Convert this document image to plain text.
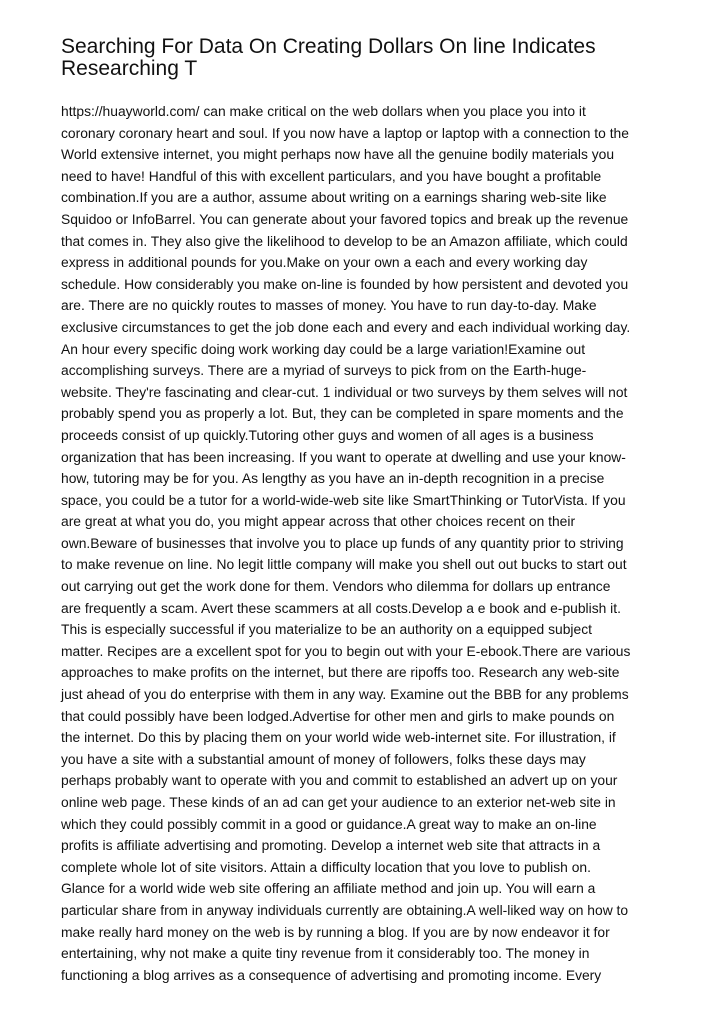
Searching For Data On Creating Dollars On line Indicates
Researching T
https://huayworld.com/ can make critical on the web dollars when you place you into it
coronary coronary heart and soul. If you now have a laptop or laptop with a connection to the
World extensive internet, you might perhaps now have all the genuine bodily materials you
need to have! Handful of this with excellent particulars, and you have bought a profitable
combination.If you are a author, assume about writing on a earnings sharing web-site like
Squidoo or InfoBarrel. You can generate about your favored topics and break up the revenue
that comes in. They also give the likelihood to develop to be an Amazon affiliate, which could
express in additional pounds for you.Make on your own a each and every working day
schedule. How considerably you make on-line is founded by how persistent and devoted you
are. There are no quickly routes to masses of money. You have to run day-to-day. Make
exclusive circumstances to get the job done each and every and each individual working day.
An hour every specific doing work working day could be a large variation!Examine out
accomplishing surveys. There are a myriad of surveys to pick from on the Earth-huge-
website. They're fascinating and clear-cut. 1 individual or two surveys by them selves will not
probably spend you as properly a lot. But, they can be completed in spare moments and the
proceeds consist of up quickly.Tutoring other guys and women of all ages is a business
organization that has been increasing. If you want to operate at dwelling and use your know-
how, tutoring may be for you. As lengthy as you have an in-depth recognition in a precise
space, you could be a tutor for a world-wide-web site like SmartThinking or TutorVista. If you
are great at what you do, you might appear across that other choices recent on their
own.Beware of businesses that involve you to place up funds of any quantity prior to striving
to make revenue on line. No legit little company will make you shell out out bucks to start out
out carrying out get the work done for them. Vendors who dilemma for dollars up entrance
are frequently a scam. Avert these scammers at all costs.Develop a e book and e-publish it.
This is especially successful if you materialize to be an authority on a equipped subject
matter. Recipes are a excellent spot for you to begin out with your E-ebook.There are various
approaches to make profits on the internet, but there are ripoffs too. Research any web-site
just ahead of you do enterprise with them in any way. Examine out the BBB for any problems
that could possibly have been lodged.Advertise for other men and girls to make pounds on
the internet. Do this by placing them on your world wide web-internet site. For illustration, if
you have a site with a substantial amount of money of followers, folks these days may
perhaps probably want to operate with you and commit to established an advert up on your
online web page. These kinds of an ad can get your audience to an exterior net-web site in
which they could possibly commit in a good or guidance.A great way to make an on-line
profits is affiliate advertising and promoting. Develop a internet web site that attracts in a
complete whole lot of site visitors. Attain a difficulty location that you love to publish on.
Glance for a world wide web site offering an affiliate method and join up. You will earn a
particular share from in anyway individuals currently are obtaining.A well-liked way on how to
make really hard money on the web is by running a blog. If you are by now endeavor it for
entertaining, why not make a quite tiny revenue from it considerably too. The money in
functioning a blog arrives as a consequence of advertising and promoting income. Every
